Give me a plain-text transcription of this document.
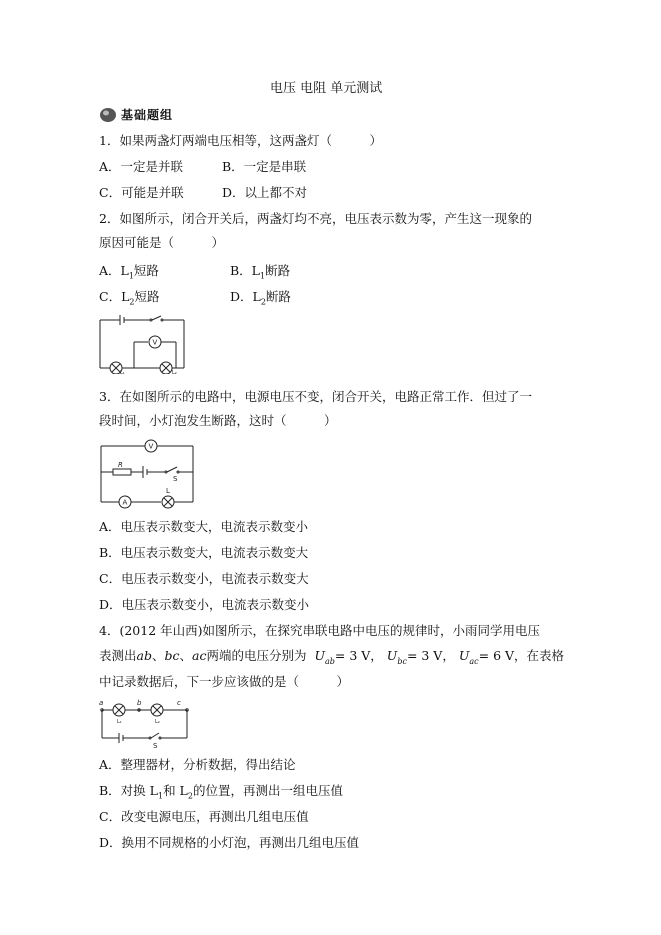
电压 电阻 单元测试
基础题组
1．如果两盏灯两端电压相等，这两盏灯（　　　）
A．一定是并联	B．一定是串联
C．可能是并联	D．以上都不对
2．如图所示，闭合开关后，两盏灯均不亮，电压表示数为零，产生这一现象的
原因可能是（　　　）
A．$L_1$短路	B．$L_1$断路
C．$L_2$短路	D．$L_2$断路
V
L₁	L₂
3．在如图所示的电路中，电源电压不变，闭合开关，电路正常工作．但过了一
段时间，小灯泡发生断路，这时（　　　）
V
R
S
A
L
A．电压表示数变大，电流表示数变小
B．电压表示数变大，电流表示数变大
C．电压表示数变小，电流表示数变大
D．电压表示数变小，电流表示数变小
4．(2012 年山西)如图所示，在探究串联电路中电压的规律时，小雨同学用电压
表测出ab、bc、ac两端的电压分别为 $U_{ab}= 3$ V， $U_{bc}= 3$ V， $U_{ac}= 6$ V，在表格
中记录数据后，下一步应该做的是（　　　）
a	b	c
L₁	L₂
S
A．整理器材，分析数据，得出结论
B．对换 $L_1$和 $L_2$的位置，再测出一组电压值
C．改变电源电压，再测出几组电压值
D．换用不同规格的小灯泡，再测出几组电压值
